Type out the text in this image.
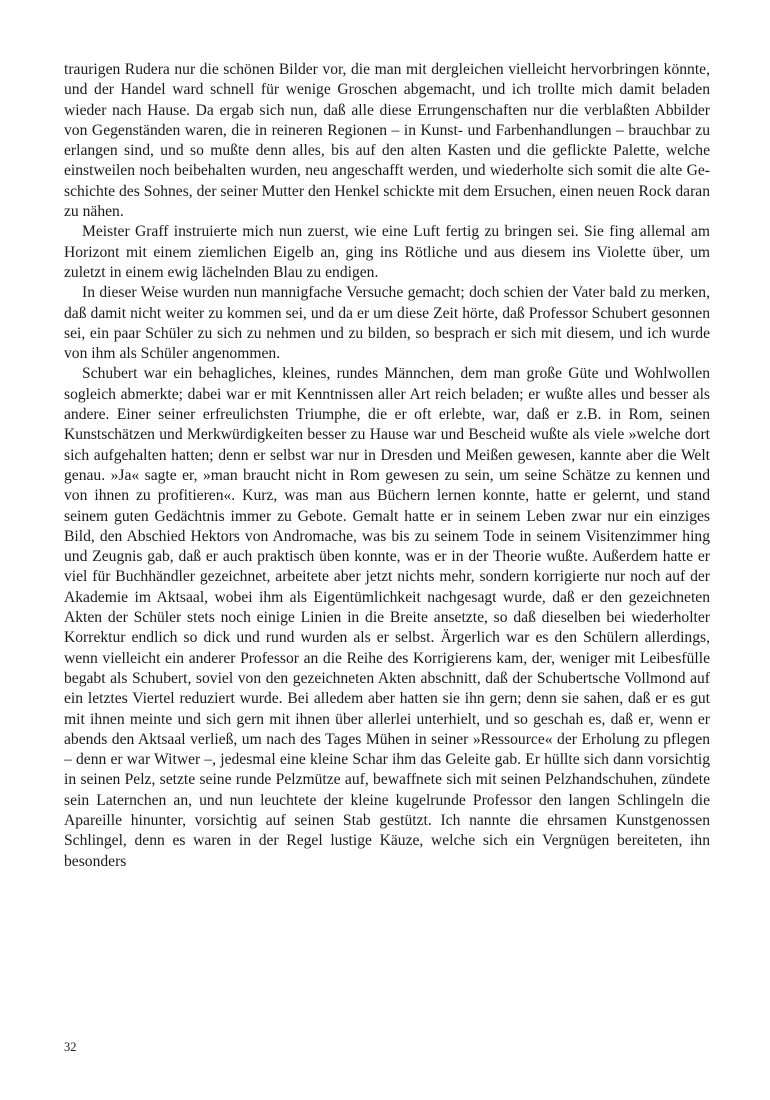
traurigen Rudera nur die schönen Bilder vor, die man mit dergleichen vielleicht hervorbringen könnte, und der Handel ward schnell für wenige Groschen abgemacht, und ich trollte mich damit beladen wieder nach Hause. Da ergab sich nun, daß alle diese Errungenschaften nur die verblaßten Abbilder von Gegenständen waren, die in reineren Regionen – in Kunst- und Farbenhandlungen – brauchbar zu erlangen sind, und so mußte denn alles, bis auf den alten Kasten und die geflickte Palette, welche einstweilen noch beibehalten wurden, neu angeschafft werden, und wiederholte sich somit die alte Geschichte des Sohnes, der seiner Mutter den Henkel schickte mit dem Ersuchen, einen neuen Rock daran zu nähen.

Meister Graff instruierte mich nun zuerst, wie eine Luft fertig zu bringen sei. Sie fing allemal am Horizont mit einem ziemlichen Eigelb an, ging ins Rötliche und aus diesem ins Violette über, um zuletzt in einem ewig lächelnden Blau zu endigen.

In dieser Weise wurden nun mannigfache Versuche gemacht; doch schien der Vater bald zu merken, daß damit nicht weiter zu kommen sei, und da er um diese Zeit hörte, daß Professor Schubert gesonnen sei, ein paar Schüler zu sich zu nehmen und zu bilden, so besprach er sich mit diesem, und ich wurde von ihm als Schüler angenommen.

Schubert war ein behagliches, kleines, rundes Männchen, dem man große Güte und Wohlwollen sogleich abmerkte; dabei war er mit Kenntnissen aller Art reich beladen; er wußte alles und besser als andere. Einer seiner erfreulichsten Triumphe, die er oft erlebte, war, daß er z.B. in Rom, seinen Kunstschätzen und Merkwürdigkeiten besser zu Hause war und Bescheid wußte als viele »welche dort sich aufgehalten hatten; denn er selbst war nur in Dresden und Meißen gewesen, kannte aber die Welt genau. »Ja« sagte er, »man braucht nicht in Rom gewesen zu sein, um seine Schätze zu kennen und von ihnen zu profitieren«. Kurz, was man aus Büchern lernen konnte, hatte er gelernt, und stand seinem guten Gedächtnis immer zu Gebote. Gemalt hatte er in seinem Leben zwar nur ein einziges Bild, den Abschied Hektors von Andromache, was bis zu seinem Tode in seinem Visitenzimmer hing und Zeugnis gab, daß er auch praktisch üben konnte, was er in der Theorie wußte. Außerdem hatte er viel für Buchhändler gezeichnet, arbeitete aber jetzt nichts mehr, sondern korrigierte nur noch auf der Akademie im Aktsaal, wobei ihm als Eigentümlichkeit nachgesagt wurde, daß er den gezeichneten Akten der Schüler stets noch einige Linien in die Breite ansetzte, so daß dieselben bei wiederholter Korrektur endlich so dick und rund wurden als er selbst. Ärgerlich war es den Schülern allerdings, wenn vielleicht ein anderer Professor an die Reihe des Korrigierens kam, der, weniger mit Leibesfülle begabt als Schubert, soviel von den gezeichneten Akten abschnitt, daß der Schubertsche Vollmond auf ein letztes Viertel reduziert wurde. Bei alledem aber hatten sie ihn gern; denn sie sahen, daß er es gut mit ihnen meinte und sich gern mit ihnen über allerlei unterhielt, und so geschah es, daß er, wenn er abends den Aktsaal verließ, um nach des Tages Mühen in seiner »Ressource« der Erholung zu pflegen – denn er war Witwer –, jedesmal eine kleine Schar ihm das Geleite gab. Er hüllte sich dann vorsichtig in seinen Pelz, setzte seine runde Pelzmütze auf, bewaffnete sich mit seinen Pelzhandschuhen, zündete sein Laternchen an, und nun leuchtete der kleine kugelrunde Professor den langen Schlingeln die Apareille hinunter, vorsichtig auf seinen Stab gestützt. Ich nannte die ehrsamen Kunstgenossen Schlingel, denn es waren in der Regel lustige Käuze, welche sich ein Vergnügen bereiteten, ihn besonders

32
